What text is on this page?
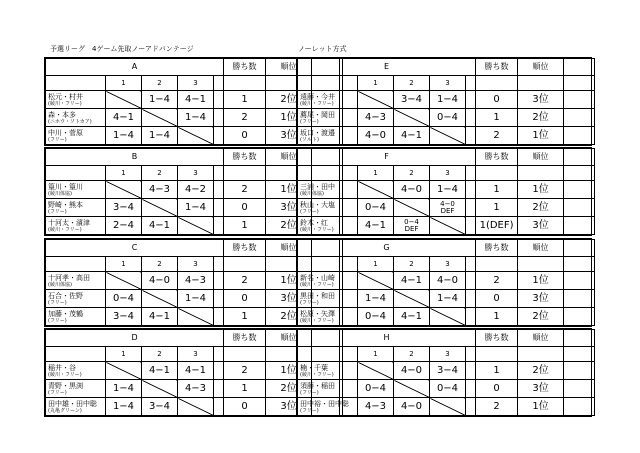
予選リーグ　4ゲーム先取ノーアドバンテージ	ノーレット方式
A					勝ち数	順位	
	1	2	3				

松元・村井
(綾川・フリー)		1−4	4−1		1	2位	

森・本多
(ニホウ・ソトカア)	4−1		1−4		2	1位	

中川・菅原
(フリー)	1−4	1−4			0	3位	
B					勝ち数	順位	
	1	2	3				

篁川・篁川
(綾川体協)		4−3	4−2		2	1位	

野崎・熊本
(フリー)	3−4		1−4		0	3位	

十河太・濱津
(綾川・フリー)	2−4	4−1			1	2位	
C					勝ち数	順位	
	1	2	3				

十河孝・高田
(綾川体協)		4−0	4−3		2	1位	

石合・佐野
(フリー)	0−4		1−4		0	3位	

加藤・茂鶴
(フリー)	3−4	4−1			1	2位	
D					勝ち数	順位	
	1	2	3				

稲井・谷
(綾川・フリー)		4−1	4−1		2	1位	

青野・黒渕
(フリー)	1−4		4−3		1	2位	

田中雄・田中聡
(丸亀グリーン)	1−4	3−4			0	3位	
E					勝ち数	順位	
	1	2	3				

遠藤・今井
(綾川・フリー)		3−4	1−4		0	3位	

薦尾・岡田
(フリー)	4−3		0−4		1	2位	

坂口・渡邉
(ソルト)	4−0	4−1			2	1位	
F					勝ち数	順位	
	1	2	3				

三浦・田中
(綾川体協)		4−0	1−4		1	1位	

秋山・大塩
(フリー)	0−4		4−0
DEF		1	2位	

鈴木・红
(綾川・フリー)	4−1	0−4
DEF			1(DEF)	3位	
G					勝ち数	順位	
	1	2	3				

新名・山崎
(綾川・フリー)		4−1	4−0		2	1位	

黒田・和田
(フリー)	1−4		1−4		0	3位	

松原・矢澤
(綾川・フリー)	0−4	4−1			1	2位	
H					勝ち数	順位	
	1	2	3				

楠・千葉
(綾川・フリー)		4−0	3−4		1	2位	

須藤・稲田
(フリー)	0−4		0−4		0	3位	

田中裕・田中聡
(フリー)	4−3	4−0			2	1位	
